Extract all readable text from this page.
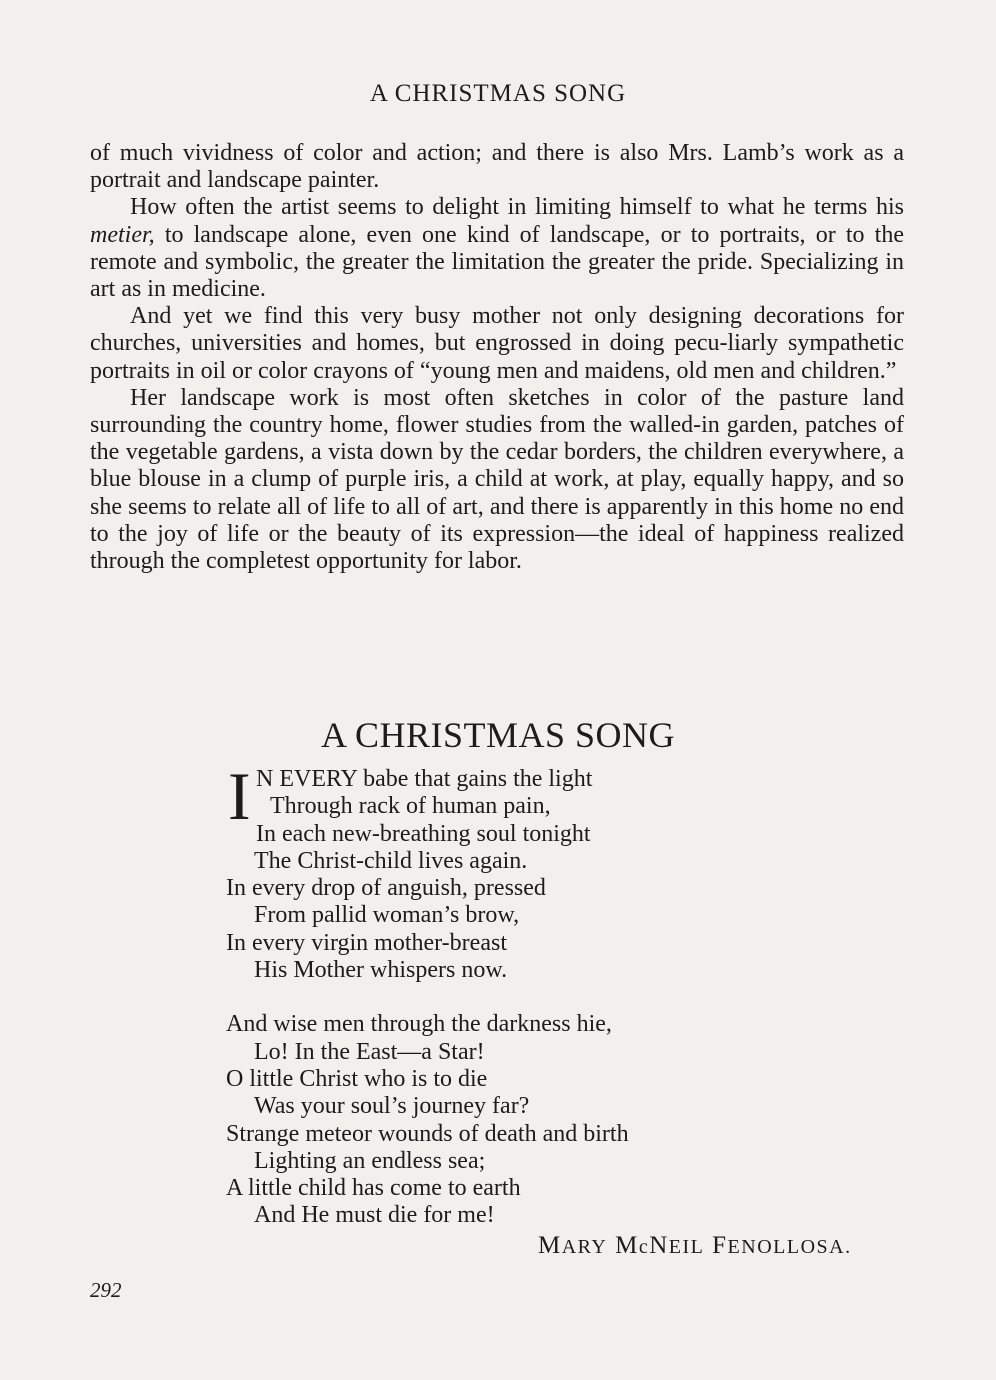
A CHRISTMAS SONG

of much vividness of color and action; and there is also Mrs. Lamb’s work as a portrait and landscape painter.

How often the artist seems to delight in limiting himself to what he terms his metier, to landscape alone, even one kind of landscape, or to portraits, or to the remote and symbolic, the greater the limitation the greater the pride. Specializing in art as in medicine.

And yet we find this very busy mother not only designing decorations for churches, universities and homes, but engrossed in doing pecu-liarly sympathetic portraits in oil or color crayons of “young men and maidens, old men and children.”

Her landscape work is most often sketches in color of the pasture land surrounding the country home, flower studies from the walled-in garden, patches of the vegetable gardens, a vista down by the cedar borders, the children everywhere, a blue blouse in a clump of purple iris, a child at work, at play, equally happy, and so she seems to relate all of life to all of art, and there is apparently in this home no end to the joy of life or the beauty of its expression—the ideal of happiness realized through the completest opportunity for labor.

A CHRISTMAS SONG
I N EVERY babe that gains the light
Through rack of human pain,
In each new-breathing soul tonight
The Christ-child lives again.
In every drop of anguish, pressed
From pallid woman’s brow,
In every virgin mother-breast
His Mother whispers now.
And wise men through the darkness hie,
Lo! In the East—a Star!
O little Christ who is to die
Was your soul’s journey far?
Strange meteor wounds of death and birth
Lighting an endless sea;
A little child has come to earth
And He must die for me!
MARY McNEIL FENOLLOSA.
292
